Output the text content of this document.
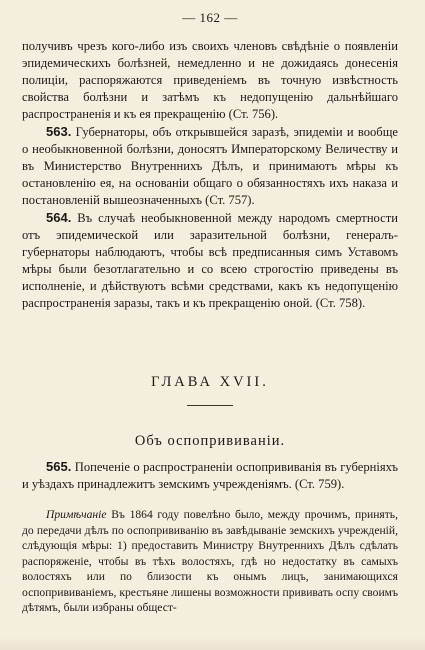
— 162 —

получивъ чрезъ кого-либо изъ своихъ членовъ свѣдѣніе о появленіи эпидемическихъ болѣзней, немедленно и не дожидаясь донесенія полиціи, распоряжаются приведеніемъ въ точную извѣстность свойства болѣзни и затѣмъ къ недопущенію дальнѣйшаго распространенія и къ ея прекращенію (Ст. 756).

563. Губернаторы, объ открывшейся заразѣ, эпидеміи и вообще о необыкновенной болѣзни, доносятъ Императорскому Величеству и въ Министерство Внутреннихъ Дѣлъ, и принимаютъ мѣры къ остановленію ея, на основаніи общаго о обязанностяхъ ихъ наказа и постановленій вышеозначенныхъ (Ст. 757).

564. Въ случаѣ необыкновенной между народомъ смертности отъ эпидемической или заразительной болѣзни, генералъ-губернаторы наблюдаютъ, чтобы всѣ предписанныя симъ Уставомъ мѣры были безотлагательно и со всею строгостію приведены въ исполненіе, и дѣйствуютъ всѣми средствами, какъ къ недопущенію распространенія заразы, такъ и къ прекращенію оной. (Ст. 758).

ГЛАВА XVII.
Объ оспопрививаніи.

565. Попеченіе о распространеніи оспопрививанія въ губерніяхъ и уѣздахъ принадлежитъ земскимъ учрежденіямъ. (Ст. 759).

Примѣчаніе Въ 1864 году повелѣно было, между прочимъ, принять, до передачи дѣлъ по оспопрививанію въ завѣдываніе земскихъ учрежденій, слѣдующія мѣры: 1) предоставить Министру Внутреннихъ Дѣлъ сдѣлать распоряженіе, чтобы въ тѣхъ волостяхъ, гдѣ но недостатку въ самыхъ волостяхъ или по близости къ онымъ лицъ, занимающихся оспопрививаніемъ, крестьяне лишены возможности прививать оспу своимъ дѣтямъ, были избраны общест-
